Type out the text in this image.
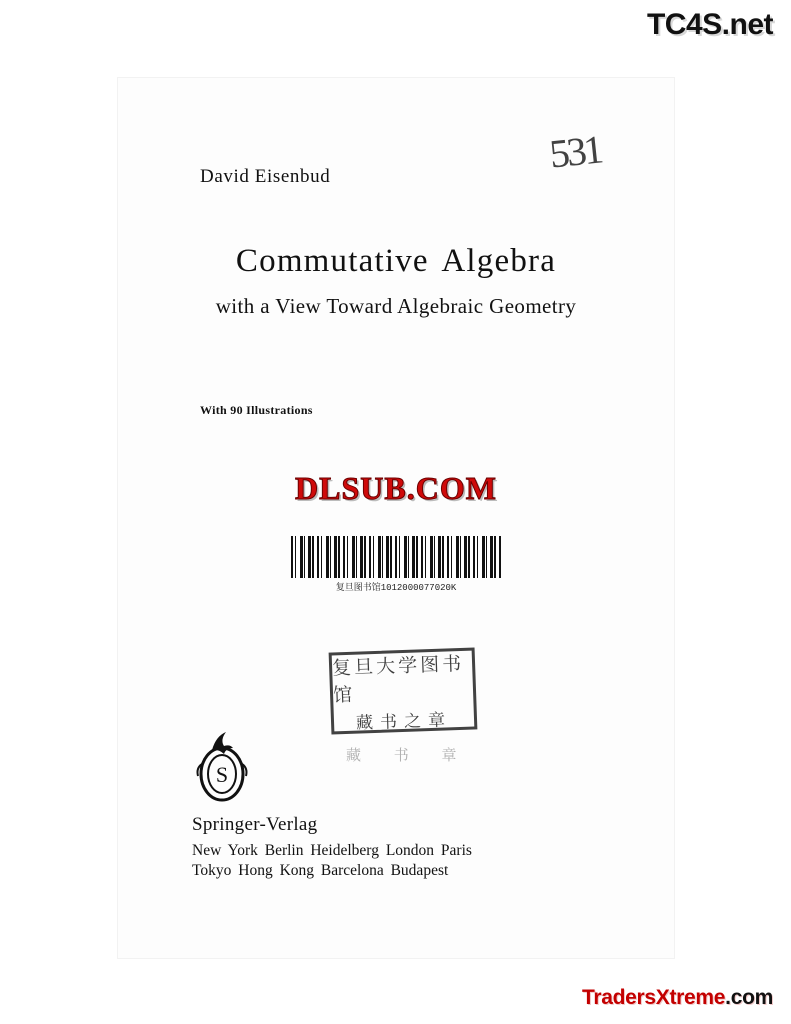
TC4S.net
David Eisenbud	531
Commutative Algebra
with a View Toward Algebraic Geometry
With 90 Illustrations
DLSUB.COM
复旦图书馆1012000077020K
复旦大学图书馆
藏书之章
藏 书 章
S
Springer-Verlag
New York Berlin Heidelberg London Paris
Tokyo Hong Kong Barcelona Budapest
TradersXtreme.com
